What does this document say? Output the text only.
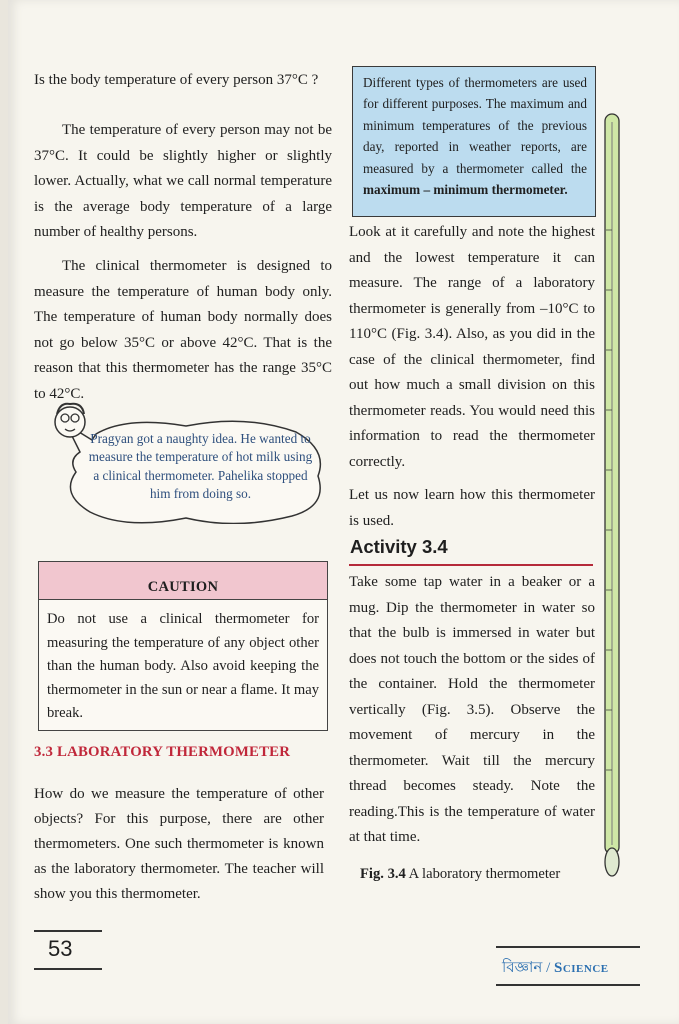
Is the body temperature of every person 37°C ?

The temperature of every person may not be 37°C. It could be slightly higher or slightly lower. Actually, what we call normal temperature is the average body temperature of a large number of healthy persons.

The clinical thermometer is designed to measure the temperature of human body only. The temperature of human body normally does not go below 35°C or above 42°C. That is the reason that this thermometer has the range 35°C to 42°C.

Pragyan got a naughty idea. He wanted to measure the temperature of hot milk using a clinical thermometer. Pahelika stopped him from doing so.

CAUTION

Do not use a clinical thermometer for measuring the temperature of any object other than the human body. Also avoid keeping the thermometer in the sun or near a flame. It may break.

3.3 LABORATORY THERMOMETER

How do we measure the temperature of other objects? For this purpose, there are other thermometers. One such thermometer is known as the laboratory thermometer. The teacher will show you this thermometer.

Different types of thermometers are used for different purposes. The maximum and minimum temperatures of the previous day, reported in weather reports, are measured by a thermometer called the maximum – minimum thermometer.

Look at it carefully and note the highest and the lowest temperature it can measure. The range of a laboratory thermometer is generally from –10°C to 110°C (Fig. 3.4). Also, as you did in the case of the clinical thermometer, find out how much a small division on this thermometer reads. You would need this information to read the thermometer correctly.

Let us now learn how this thermometer is used.

Activity 3.4

Take some tap water in a beaker or a mug. Dip the thermometer in water so that the bulb is immersed in water but does not touch the bottom or the sides of the container. Hold the thermometer vertically (Fig. 3.5). Observe the movement of mercury in the thermometer. Wait till the mercury thread becomes steady. Note the reading.This is the temperature of water at that time.

Fig. 3.4 A laboratory thermometer
53
বিজ্ঞান / Science
